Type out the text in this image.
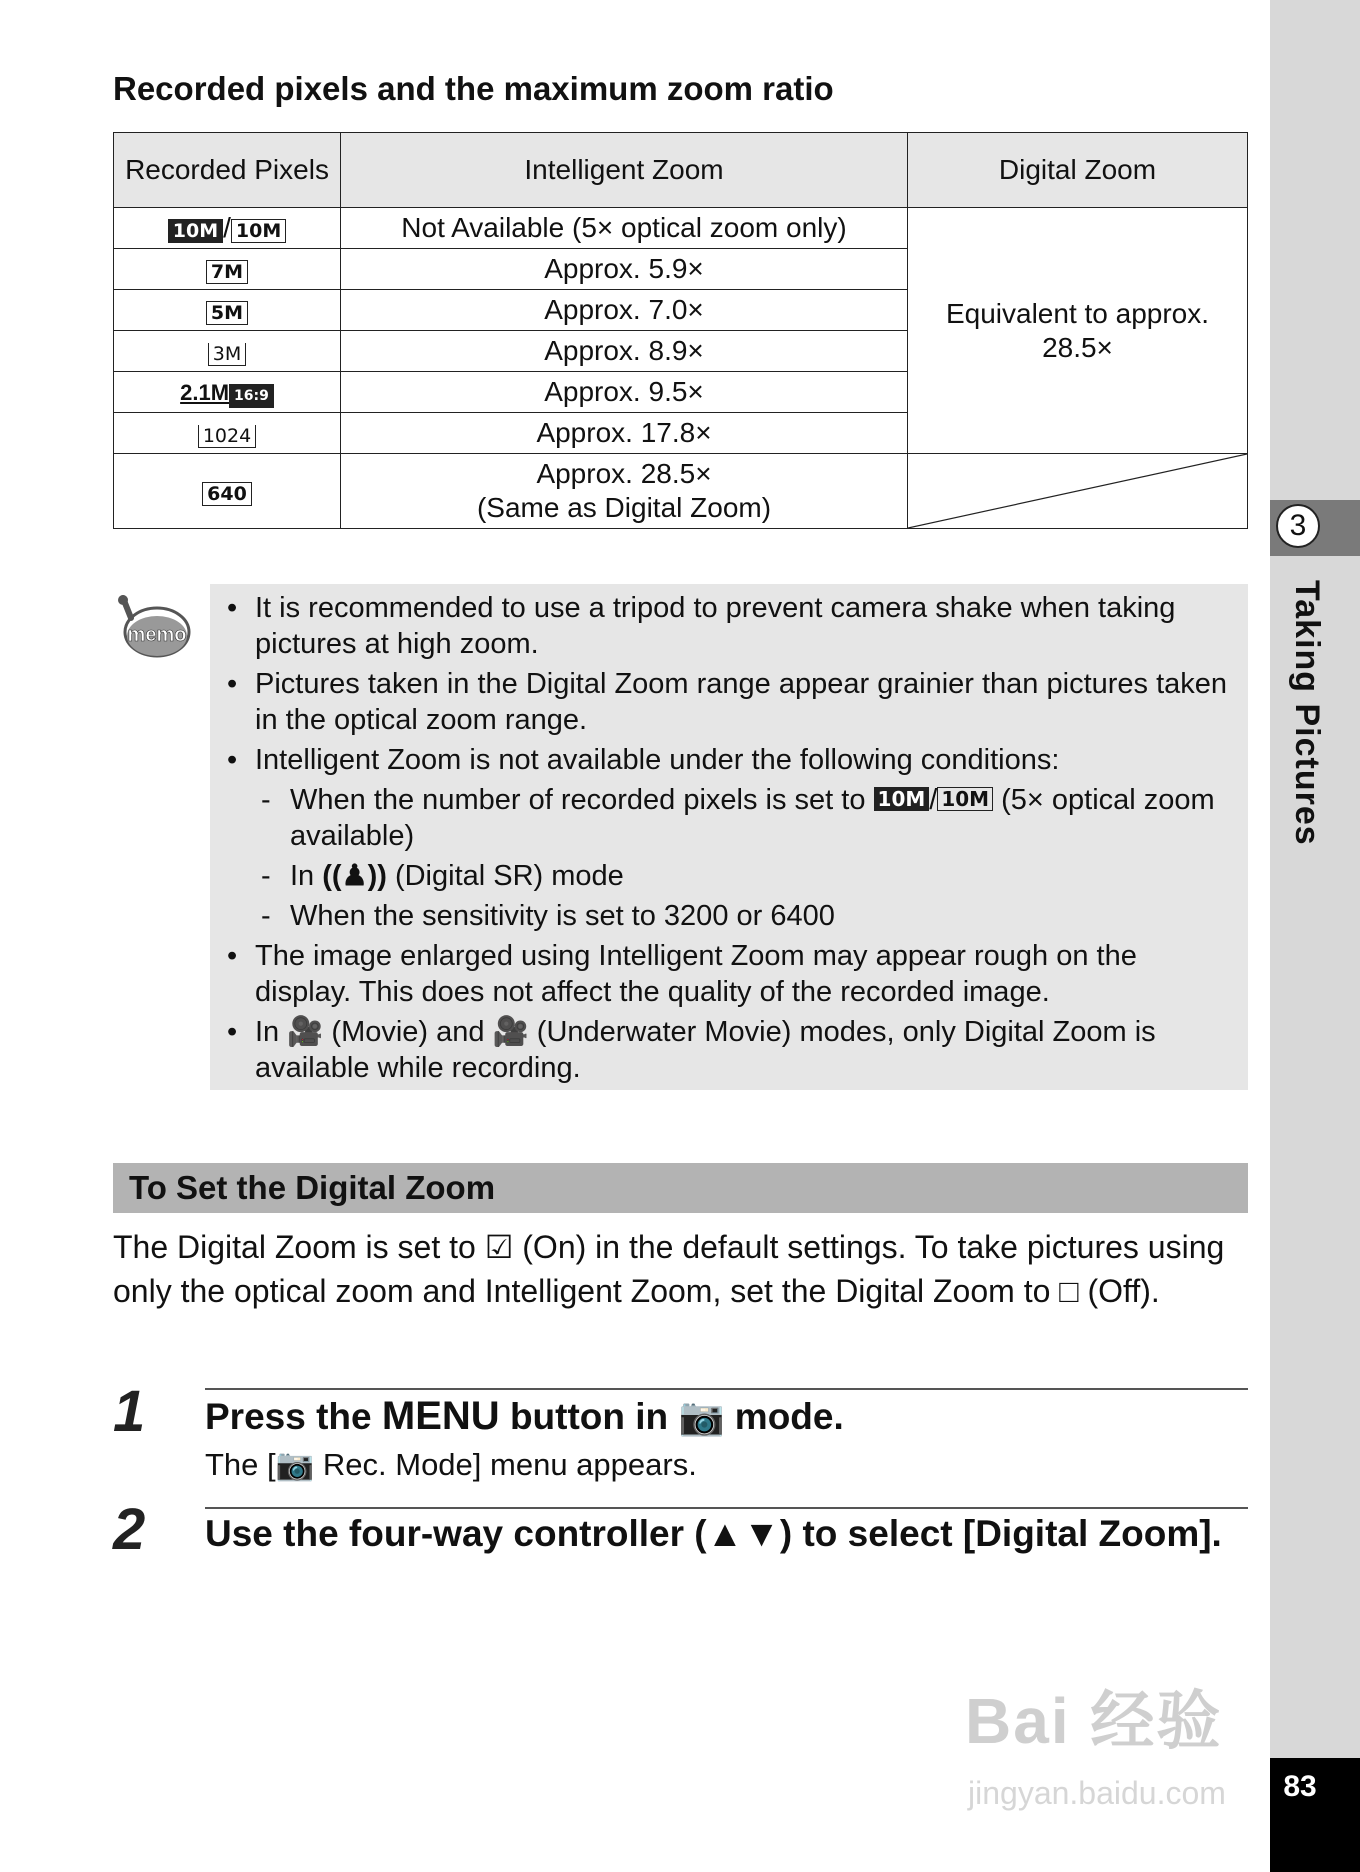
3
Taking Pictures
Bai 经验
jingyan.baidu.com	83
Recorded pixels and the maximum zoom ratio
Recorded Pixels	Intelligent Zoom	Digital Zoom
10M / 10M	Not Available (5× optical zoom only)	Equivalent to approx. 28.5×
7M	Approx. 5.9×	
5M	Approx. 7.0×	
3M	Approx. 8.9×	
2.1M 16:9	Approx. 9.5×	
1024	Approx. 17.8×	
640	Approx. 28.5×
(Same as Digital Zoom)

memo
• It is recommended to use a tripod to prevent camera shake when taking pictures at high zoom.
• Pictures taken in the Digital Zoom range appear grainier than pictures taken in the optical zoom range.
• Intelligent Zoom is not available under the following conditions:
- When the number of recorded pixels is set to 10M / 10M (5× optical zoom available)
- In ((♟)) (Digital SR) mode
- When the sensitivity is set to 3200 or 6400
• The image enlarged using Intelligent Zoom may appear rough on the display. This does not affect the quality of the recorded image.
• In 🎥 (Movie) and 🎥 (Underwater Movie) modes, only Digital Zoom is available while recording.
To Set the Digital Zoom

The Digital Zoom is set to ☑ (On) in the default settings. To take pictures using only the optical zoom and Intelligent Zoom, set the Digital Zoom to □ (Off).

1 Press the MENU button in 📷 mode.

The [📷 Rec. Mode] menu appears.

2 Use the four-way controller (▲▼) to select [Digital Zoom].
